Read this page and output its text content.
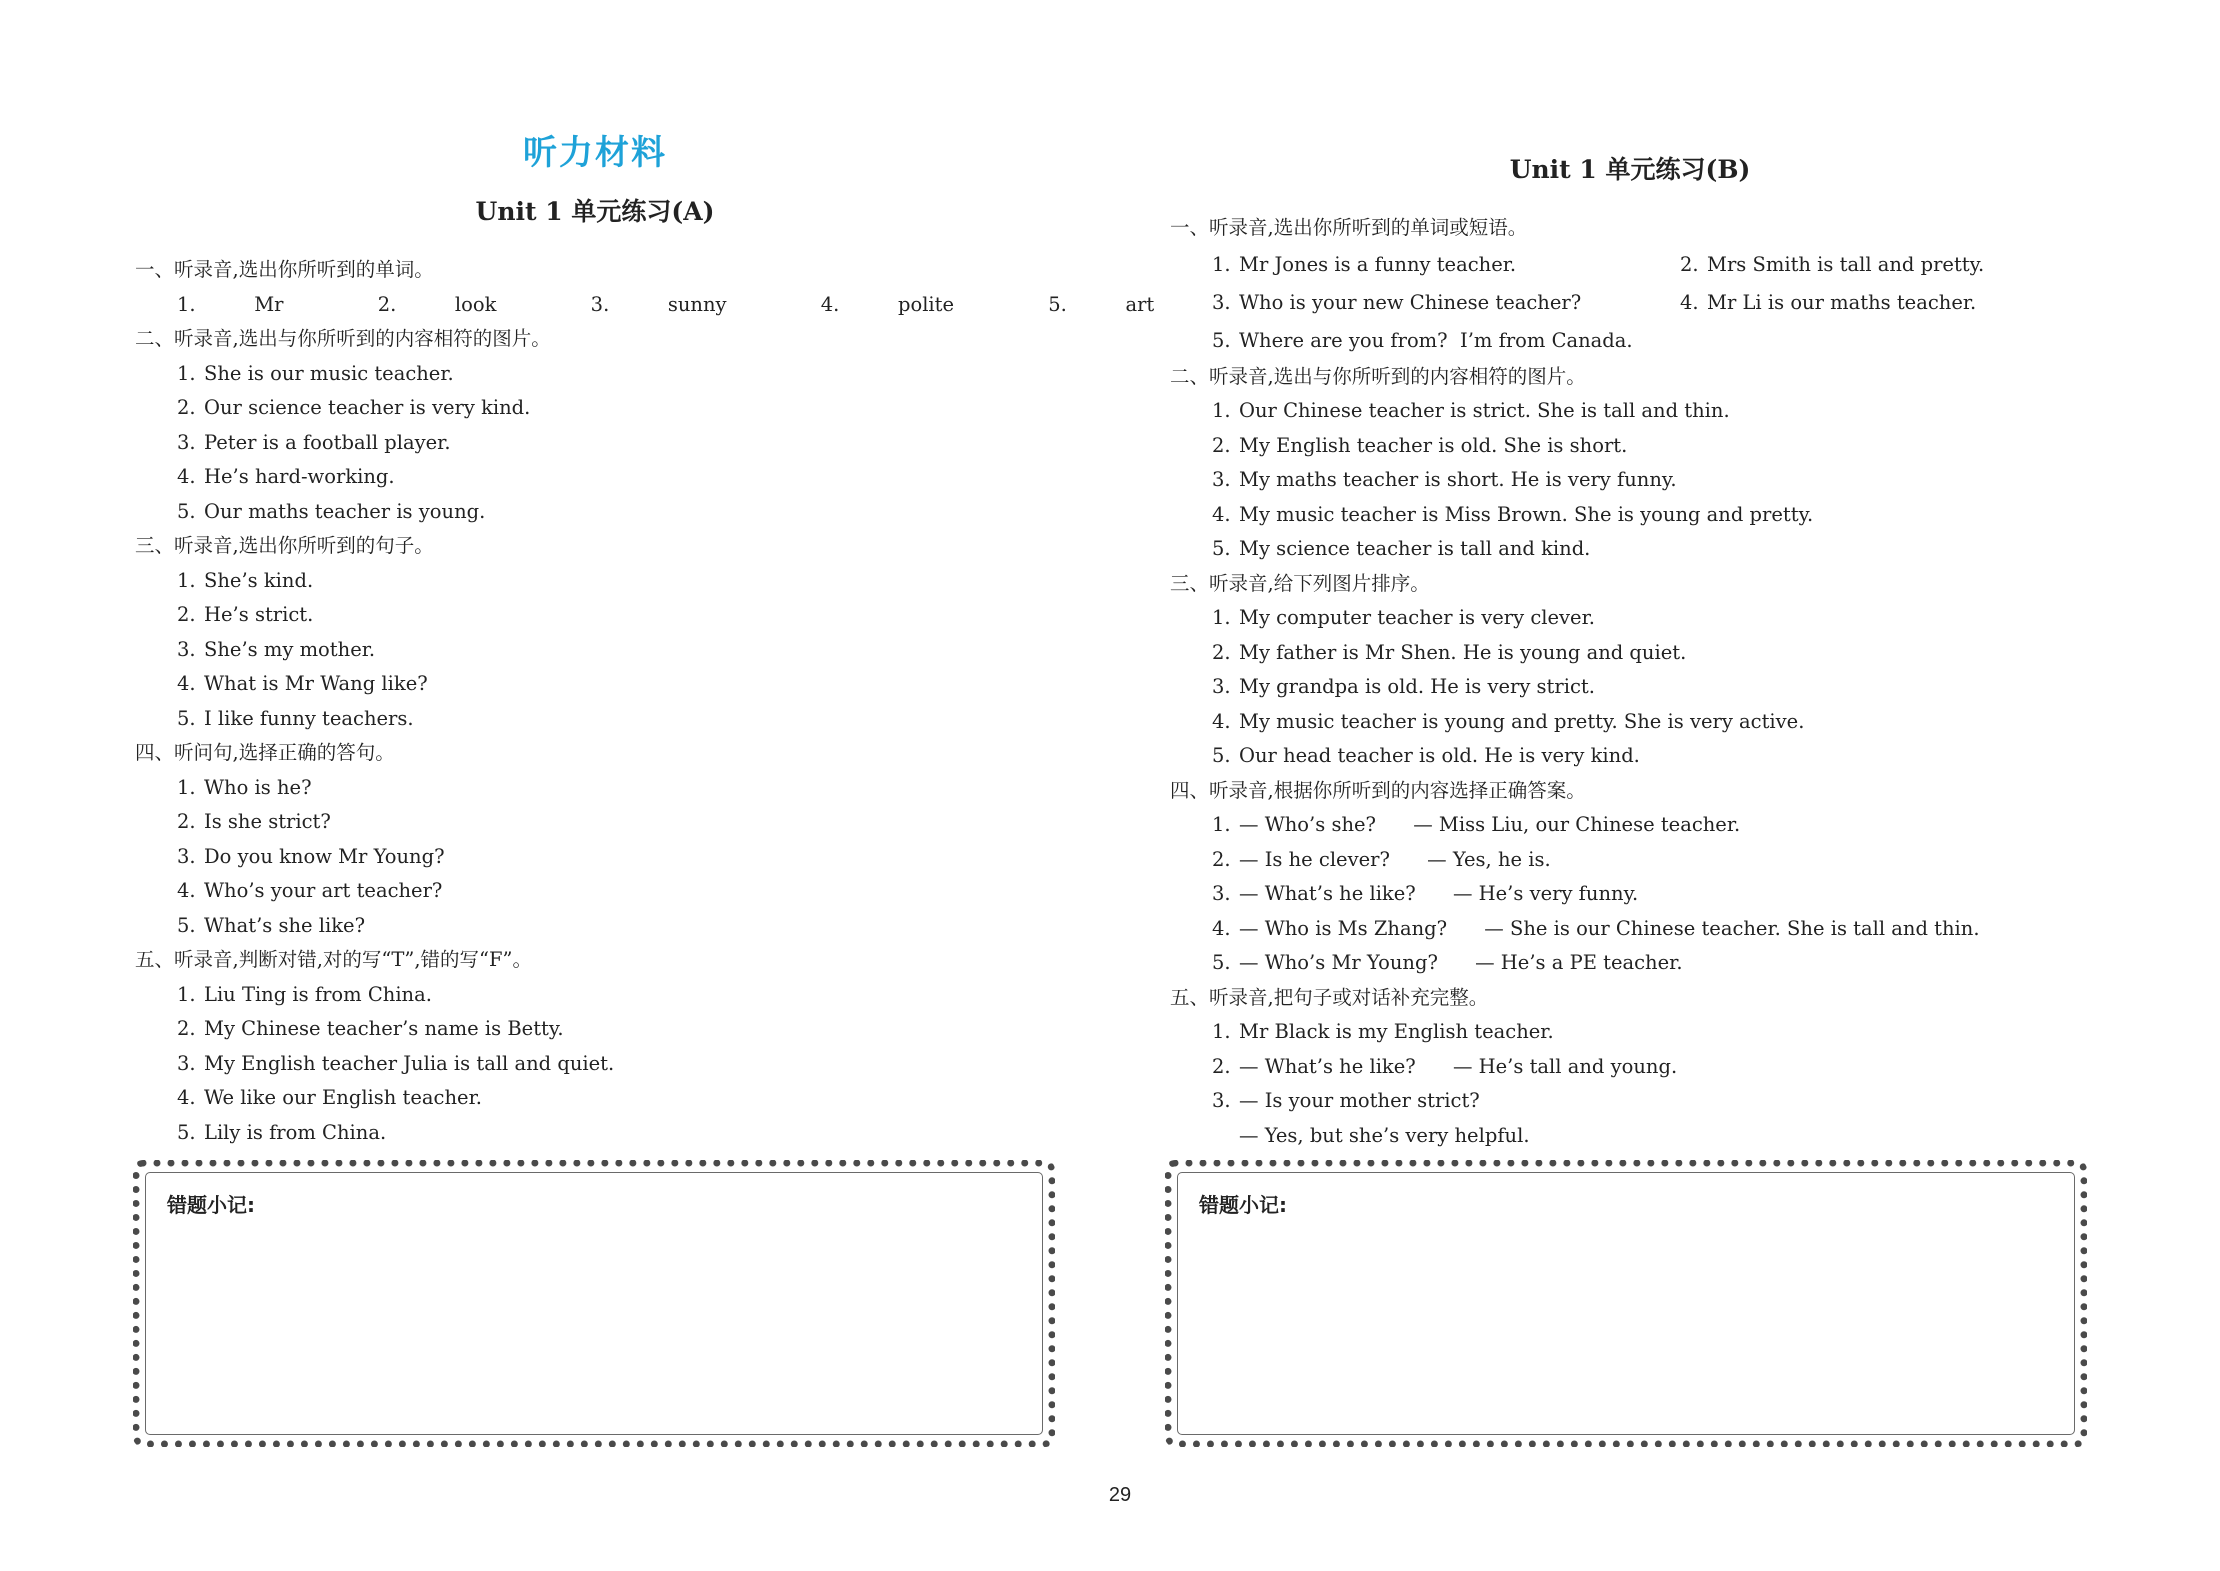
听力材料
Unit 1 单元练习(A)
一、听录音,选出你所听到的单词。
1.	Mr	2.	look	3.	sunny	4.	polite	5.	art
二、听录音,选出与你所听到的内容相符的图片。
1. She is our music teacher.
2. Our science teacher is very kind.
3. Peter is a football player.
4. He’s hard-working.
5. Our maths teacher is young.
三、听录音,选出你所听到的句子。
1. She’s kind.
2. He’s strict.
3. She’s my mother.
4. What is Mr Wang like?
5. I like funny teachers.
四、听问句,选择正确的答句。
1. Who is he?
2. Is she strict?
3. Do you know Mr Young?
4. Who’s your art teacher?
5. What’s she like?
五、听录音,判断对错,对的写“T”,错的写“F”。
1. Liu Ting is from China.
2. My Chinese teacher’s name is Betty.
3. My English teacher Julia is tall and quiet.
4. We like our English teacher.
5. Lily is from China.
错题小记:
Unit 1 单元练习(B)
一、听录音,选出你所听到的单词或短语。
1. Mr Jones is a funny teacher.	2. Mrs Smith is tall and pretty.
3. Who is your new Chinese teacher?	4. Mr Li is our maths teacher.
5. Where are you from?  I’m from Canada.
二、听录音,选出与你所听到的内容相符的图片。
1. Our Chinese teacher is strict. She is tall and thin.
2. My English teacher is old. She is short.
3. My maths teacher is short. He is very funny.
4. My music teacher is Miss Brown. She is young and pretty.
5. My science teacher is tall and kind.
三、听录音,给下列图片排序。
1. My computer teacher is very clever.
2. My father is Mr Shen. He is young and quiet.
3. My grandpa is old. He is very strict.
4. My music teacher is young and pretty. She is very active.
5. Our head teacher is old. He is very kind.
四、听录音,根据你所听到的内容选择正确答案。
1. — Who’s she?      — Miss Liu, our Chinese teacher.
2. — Is he clever?      — Yes, he is.
3. — What’s he like?      — He’s very funny.
4. — Who is Ms Zhang?      — She is our Chinese teacher. She is tall and thin.
5. — Who’s Mr Young?      — He’s a PE teacher.
五、听录音,把句子或对话补充完整。
1. Mr Black is my English teacher.
2. — What’s he like?      — He’s tall and young.
3. — Is your mother strict?
— Yes, but she’s very helpful.
错题小记:
29
